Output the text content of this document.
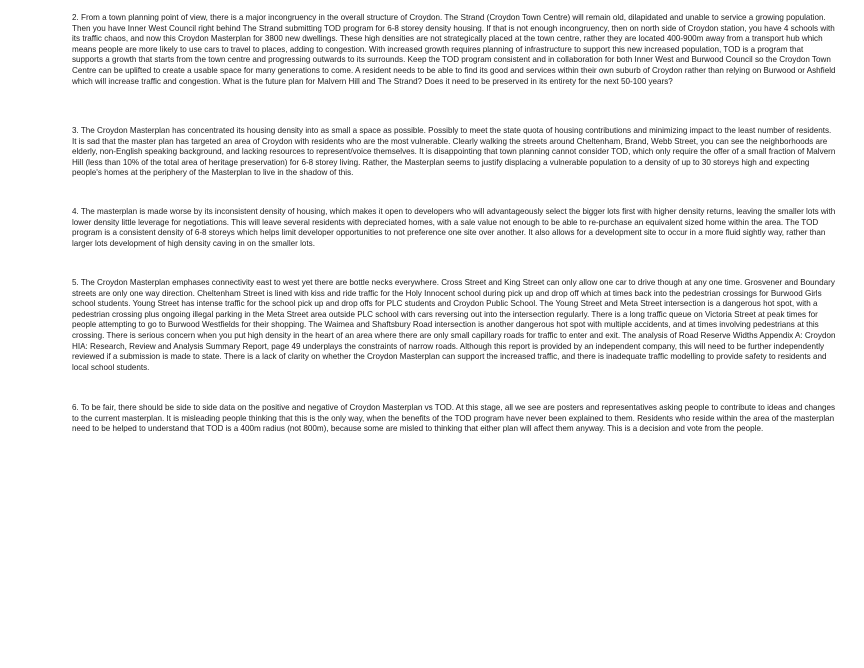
2. From a town planning point of view, there is a major incongruency in the overall structure of Croydon. The Strand (Croydon Town Centre) will remain old, dilapidated and unable to service a growing population. Then you have Inner West Council right behind The Strand submitting TOD program for 6-8 storey density housing. If that is not enough incongruency, then on north side of Croydon station, you have 4 schools with its traffic chaos, and now this Croydon Masterplan for 3800 new dwellings. These high densities are not strategically placed at the town centre, rather they are located 400-900m away from a transport hub which means people are more likely to use cars to travel to places, adding to congestion. With increased growth requires planning of infrastructure to support this new increased population, TOD is a program that supports a growth that starts from the town centre and progressing outwards to its surrounds. Keep the TOD program consistent and in collaboration for both Inner West and Burwood Council so the Croydon Town Centre can be uplifted to create a usable space for many generations to come. A resident needs to be able to find its good and services within their own suburb of Croydon rather than relying on Burwood or Ashfield which will increase traffic and congestion. What is the future plan for Malvern Hill and The Strand? Does it need to be preserved in its entirety for the next 50-100 years?

3. The Croydon Masterplan has concentrated its housing density into as small a space as possible. Possibly to meet the state quota of housing contributions and minimizing impact to the least number of residents. It is sad that the master plan has targeted an area of Croydon with residents who are the most vulnerable. Clearly walking the streets around Cheltenham, Brand, Webb Street, you can see the neighborhoods are elderly, non-English speaking background, and lacking resources to represent/voice themselves. It is disappointing that town planning cannot consider TOD, which only require the offer of a small fraction of Malvern Hill (less than 10% of the total area of heritage preservation) for 6-8 storey living. Rather, the Masterplan seems to justify displacing a vulnerable population to a density of up to 30 storeys high and expecting people's homes at the periphery of the Masterplan to live in the shadow of this.

4. The masterplan is made worse by its inconsistent density of housing, which makes it open to developers who will advantageously select the bigger lots first with higher density returns, leaving the smaller lots with lower density little leverage for negotiations. This will leave several residents with depreciated homes, with a sale value not enough to be able to re-purchase an equivalent sized home within the area. The TOD program is a consistent density of 6-8 storeys which helps limit developer opportunities to not preference one site over another. It also allows for a development site to occur in a more fluid sightly way, rather than larger lots development of high density caving in on the smaller lots.

5. The Croydon Masterplan emphases connectivity east to west yet there are bottle necks everywhere. Cross Street and King Street can only allow one car to drive though at any one time. Grosvener and Boundary streets are only one way direction. Cheltenham Street is lined with kiss and ride traffic for the Holy Innocent school during pick up and drop off which at times back into the pedestrian crossings for Burwood Girls school students. Young Street has intense traffic for the school pick up and drop offs for PLC students and Croydon Public School. The Young Street and Meta Street intersection is a dangerous hot spot, with a pedestrian crossing plus ongoing illegal parking in the Meta Street area outside PLC school with cars reversing out into the intersection regularly. There is a long traffic queue on Victoria Street at peak times for people attempting to go to Burwood Westfields for their shopping. The Waimea and Shaftsbury Road intersection is another dangerous hot spot with multiple accidents, and at times involving pedestrians at this crossing. There is serious concern when you put high density in the heart of an area where there are only small capillary roads for traffic to enter and exit. The analysis of Road Reserve Widths Appendix A: Croydon HIA: Research, Review and Analysis Summary Report, page 49 underplays the constraints of narrow roads. Although this report is provided by an independent company, this will need to be further independently reviewed if a submission is made to state. There is a lack of clarity on whether the Croydon Masterplan can support the increased traffic, and there is inadequate traffic modelling to provide safety to residents and local school students.

6. To be fair, there should be side to side data on the positive and negative of Croydon Masterplan vs TOD. At this stage, all we see are posters and representatives asking people to contribute to ideas and changes to the current masterplan. It is misleading people thinking that this is the only way, when the benefits of the TOD program have never been explained to them. Residents who reside within the area of the masterplan need to be helped to understand that TOD is a 400m radius (not 800m), because some are misled to thinking that either plan will affect them anyway. This is a decision and vote from the people.
